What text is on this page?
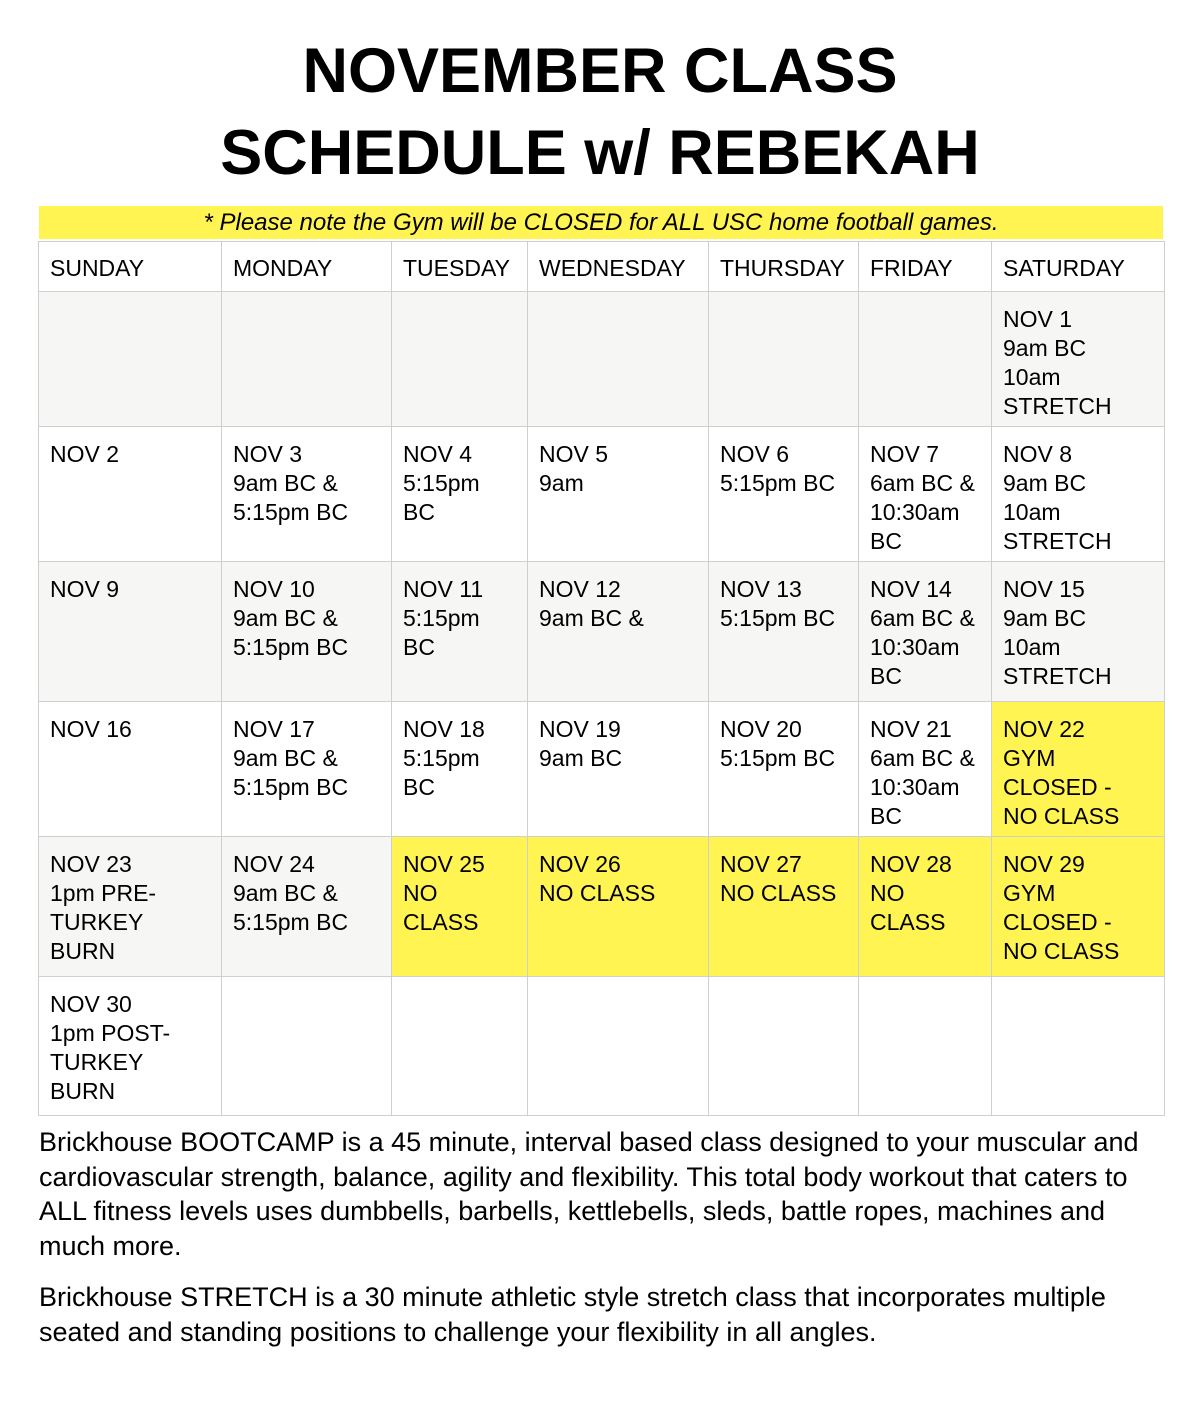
NOVEMBER CLASS
SCHEDULE w/ REBEKAH
* Please note the Gym will be CLOSED for ALL USC home football games.
SUNDAY	MONDAY	TUESDAY	WEDNESDAY	THURSDAY	FRIDAY	SATURDAY

						NOV 1
9am BC
10am
STRETCH

NOV 2	NOV 3
9am BC &
5:15pm BC	NOV 4
5:15pm
BC	NOV 5
9am	NOV 6
5:15pm BC	NOV 7
6am BC &
10:30am
BC	NOV 8
9am BC
10am
STRETCH

NOV 9	NOV 10
9am BC &
5:15pm BC	NOV 11
5:15pm
BC	NOV 12
9am BC &	NOV 13
5:15pm BC	NOV 14
6am BC &
10:30am
BC	NOV 15
9am BC
10am
STRETCH

NOV 16	NOV 17
9am BC &
5:15pm BC	NOV 18
5:15pm
BC	NOV 19
9am BC	NOV 20
5:15pm BC	NOV 21
6am BC &
10:30am
BC	NOV 22
GYM
CLOSED -
NO CLASS

NOV 23
1pm PRE-
TURKEY
BURN	NOV 24
9am BC &
5:15pm BC	NOV 25
NO
CLASS	NOV 26
NO CLASS	NOV 27
NO CLASS	NOV 28
NO
CLASS	NOV 29
GYM
CLOSED -
NO CLASS

NOV 30
1pm POST-
TURKEY
BURN						

Brickhouse BOOTCAMP is a 45 minute, interval based class designed to your muscular and cardiovascular strength, balance, agility and flexibility. This total body workout that caters to ALL fitness levels uses dumbbells, barbells, kettlebells, sleds, battle ropes, machines and much more.
Brickhouse STRETCH is a 30 minute athletic style stretch class that incorporates multiple seated and standing positions to challenge your flexibility in all angles.
